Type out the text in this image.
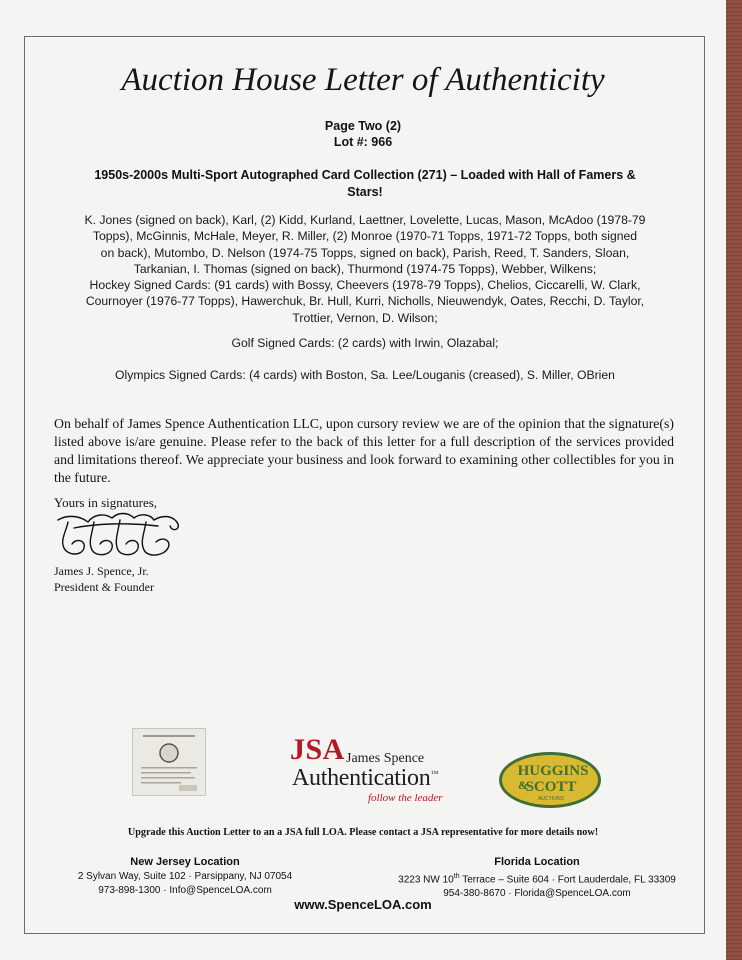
Auction House Letter of Authenticity
Page Two (2)
Lot #: 966
1950s-2000s Multi-Sport Autographed Card Collection (271) – Loaded with Hall of Famers &
Stars!
K. Jones (signed on back), Karl, (2) Kidd, Kurland, Laettner, Lovelette, Lucas, Mason, McAdoo (1978-79
Topps), McGinnis, McHale, Meyer, R. Miller, (2) Monroe (1970-71 Topps, 1971-72 Topps, both signed
on back), Mutombo, D. Nelson (1974-75 Topps, signed on back), Parish, Reed, T. Sanders, Sloan,
Tarkanian, I. Thomas (signed on back), Thurmond (1974-75 Topps), Webber, Wilkens;
Hockey Signed Cards: (91 cards) with Bossy, Cheevers (1978-79 Topps), Chelios, Ciccarelli, W. Clark,
Cournoyer (1976-77 Topps), Hawerchuk, Br. Hull, Kurri, Nicholls, Nieuwendyk, Oates, Recchi, D. Taylor,
Trottier, Vernon, D. Wilson;
Golf Signed Cards: (2 cards) with Irwin, Olazabal;
Olympics Signed Cards: (4 cards) with Boston, Sa. Lee/Louganis (creased), S. Miller, OBrien
On behalf of James Spence Authentication LLC, upon cursory review we are of the opinion that the signature(s) listed above is/are genuine. Please refer to the back of this letter for a full description of the services provided and limitations thereof. We appreciate your business and look forward to examining other collectibles for you in the future.
Yours in signatures,
James J. Spence, Jr.
President & Founder
JSA James Spence
Authentication™
follow the leader
HUGGINS
&
SCOTT
AUCTIONS
Upgrade this Auction Letter to an a JSA full LOA. Please contact a JSA representative for more details now!
New Jersey Location
2 Sylvan Way, Suite 102 · Parsippany, NJ 07054
973-898-1300 · Info@SpenceLOA.com
Florida Location
3223 NW 10th Terrace – Suite 604 · Fort Lauderdale, FL 33309
954-380-8670 · Florida@SpenceLOA.com
www.SpenceLOA.com
